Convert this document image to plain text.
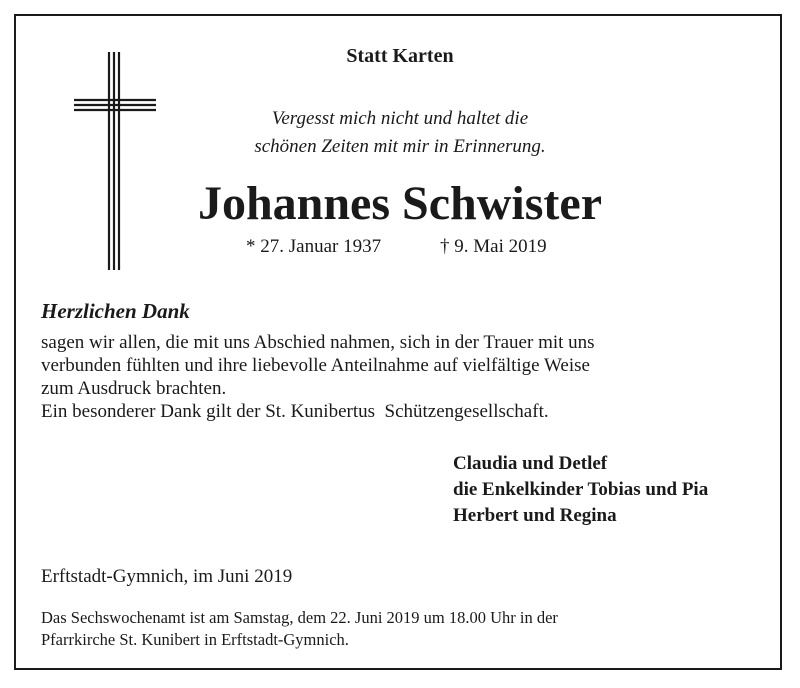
Statt Karten
Vergesst mich nicht und haltet die
schönen Zeiten mit mir in Erinnerung.
Johannes Schwister
* 27. Januar 1937	† 9. Mai 2019
Herzlichen Dank
sagen wir allen, die mit uns Abschied nahmen, sich in der Trauer mit uns
verbunden fühlten und ihre liebevolle Anteilnahme auf vielfältige Weise
zum Ausdruck brachten.
Ein besonderer Dank gilt der St. Kunibertus  Schützengesellschaft.
Claudia und Detlef
die Enkelkinder Tobias und Pia
Herbert und Regina
Erftstadt-Gymnich, im Juni 2019
Das Sechswochenamt ist am Samstag, dem 22. Juni 2019 um 18.00 Uhr in der
Pfarrkirche St. Kunibert in Erftstadt-Gymnich.
